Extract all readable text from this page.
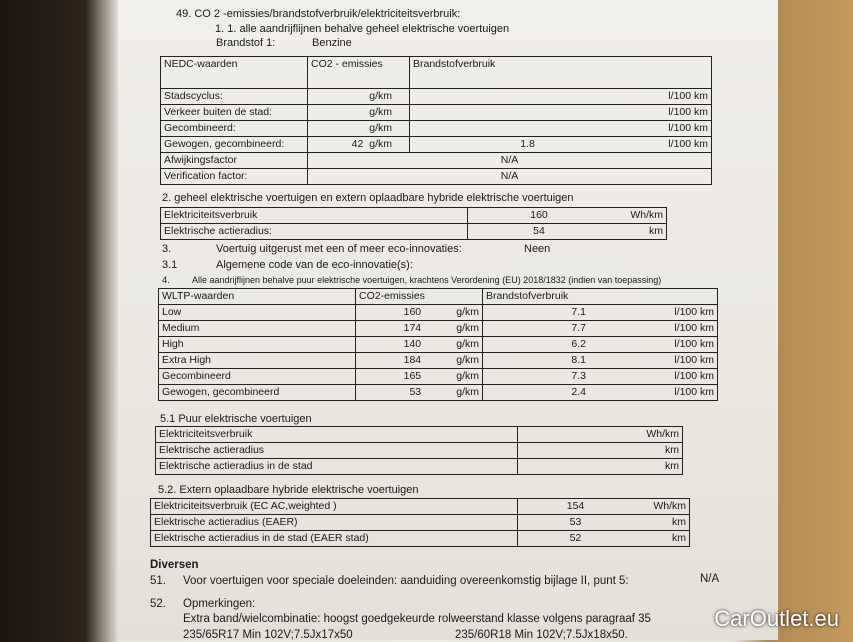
49. CO 2 -emissies/brandstofverbruik/elektriciteitsverbruik:
1. 1. alle aandrijflijnen behalve geheel elektrische voertuigen
Brandstof 1:	Benzine
NEDC-waarden	CO2 - emissies		Brandstofverbruik	
Stadscyclus:		g/km		l/100 km
Verkeer buiten de stad:		g/km		l/100 km
Gecombineerd:		g/km		l/100 km
Gewogen, gecombineerd:	42	g/km	1.8	l/100 km
Afwijkingsfactor	N/A			
Verification factor:	N/A			
2. geheel elektrische voertuigen en extern oplaadbare hybride elektrische voertuigen
Elektriciteitsverbruik	160	Wh/km
Elektrische actieradius:	54	km
3.	Voertuig uitgerust met een of meer eco-innovaties:	Neen
3.1	Algemene code van de eco-innovatie(s):
4. Alle aandrijflijnen behalve puur elektrische voertuigen, krachtens Verordening (EU) 2018/1832 (indien van toepassing)
WLTP-waarden	CO2-emissies		Brandstofverbruik	
Low	160	g/km	7.1	l/100 km
Medium	174	g/km	7.7	l/100 km
High	140	g/km	6.2	l/100 km
Extra High	184	g/km	8.1	l/100 km
Gecombineerd	165	g/km	7.3	l/100 km
Gewogen, gecombineerd	53	g/km	2.4	l/100 km
5.1 Puur elektrische voertuigen
Elektriciteitsverbruik	Wh/km
Elektrische actieradius	km
Elektrische actieradius in de stad	km
5.2. Extern oplaadbare hybride elektrische voertuigen
Elektriciteitsverbruik (EC AC,weighted )	154	Wh/km
Elektrische actieradius (EAER)	53	km
Elektrische actieradius in de stad (EAER stad)	52	km
Diversen
51. Voor voertuigen voor speciale doeleinden: aanduiding overeenkomstig bijlage II, punt 5:	N/A
52. Opmerkingen:
Extra band/wielcombinatie: hoogst goedgekeurde rolweerstand klasse volgens paragraaf 35
235/65R17 Min 102V;7.5Jx17x50	235/60R18 Min 102V;7.5Jx18x50.
CarOutlet.eu
